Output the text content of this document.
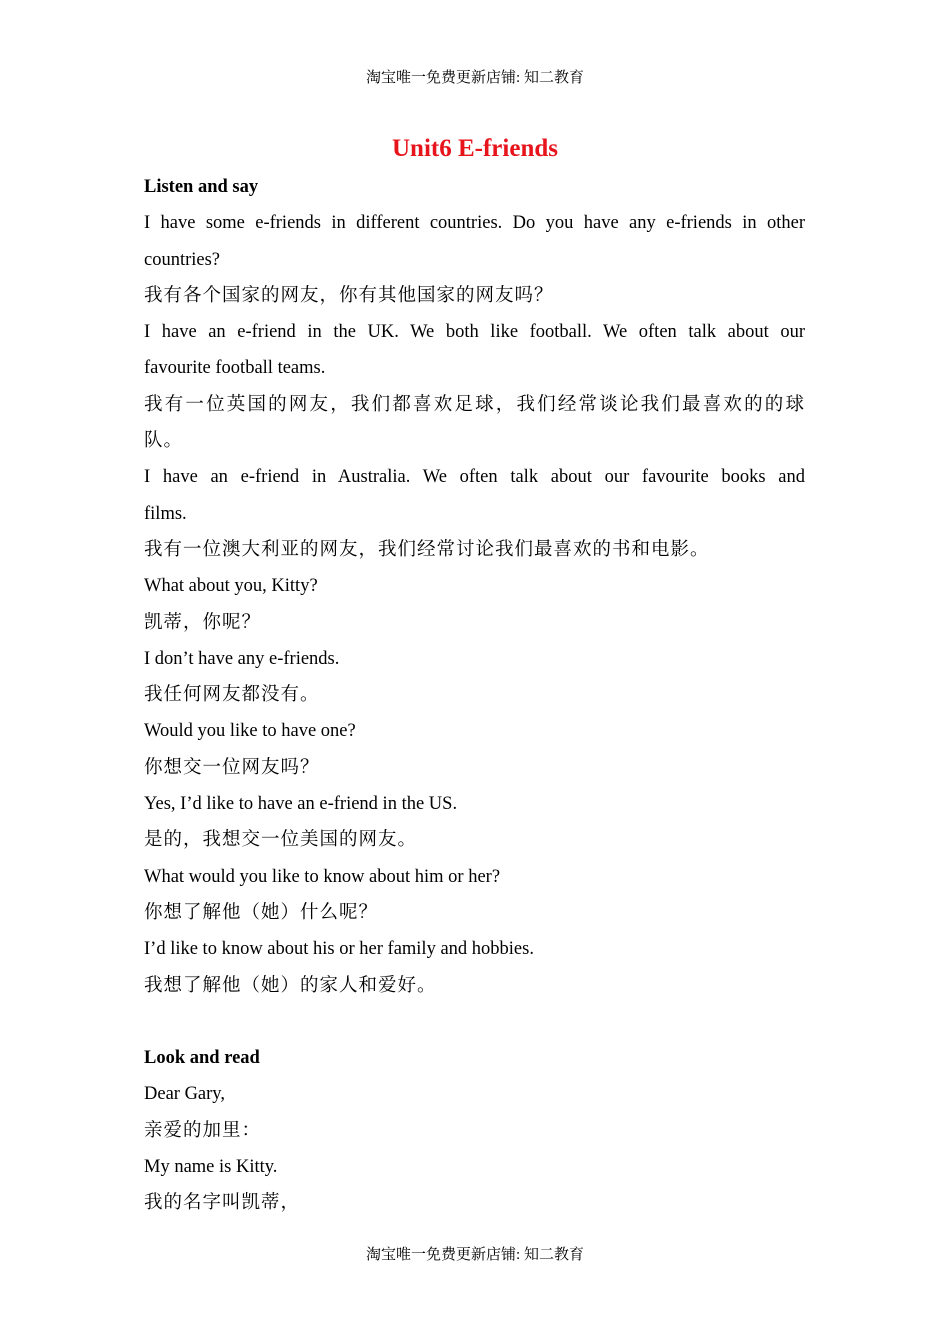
淘宝唯一免费更新店铺: 知二教育
Unit6 E-friends

Listen and say

I have some e-friends in different countries. Do you have any e-friends in other

countries?

我有各个国家的网友，你有其他国家的网友吗？

I have an e-friend in the UK. We both like football. We often talk about our

favourite football teams.

我有一位英国的网友，我们都喜欢足球，我们经常谈论我们最喜欢的的球

队。

I have an e-friend in Australia. We often talk about our favourite books and

films.

我有一位澳大利亚的网友，我们经常讨论我们最喜欢的书和电影。

What about you, Kitty?

凯蒂，你呢？

I don’t have any e-friends.

我任何网友都没有。

Would you like to have one?

你想交一位网友吗？

Yes, I’d like to have an e-friend in the US.

是的，我想交一位美国的网友。

What would you like to know about him or her?

你想了解他（她）什么呢？

I’d like to know about his or her family and hobbies.

我想了解他（她）的家人和爱好。

Look and read

Dear Gary,

亲爱的加里：

My name is Kitty.

我的名字叫凯蒂，

淘宝唯一免费更新店铺: 知二教育
